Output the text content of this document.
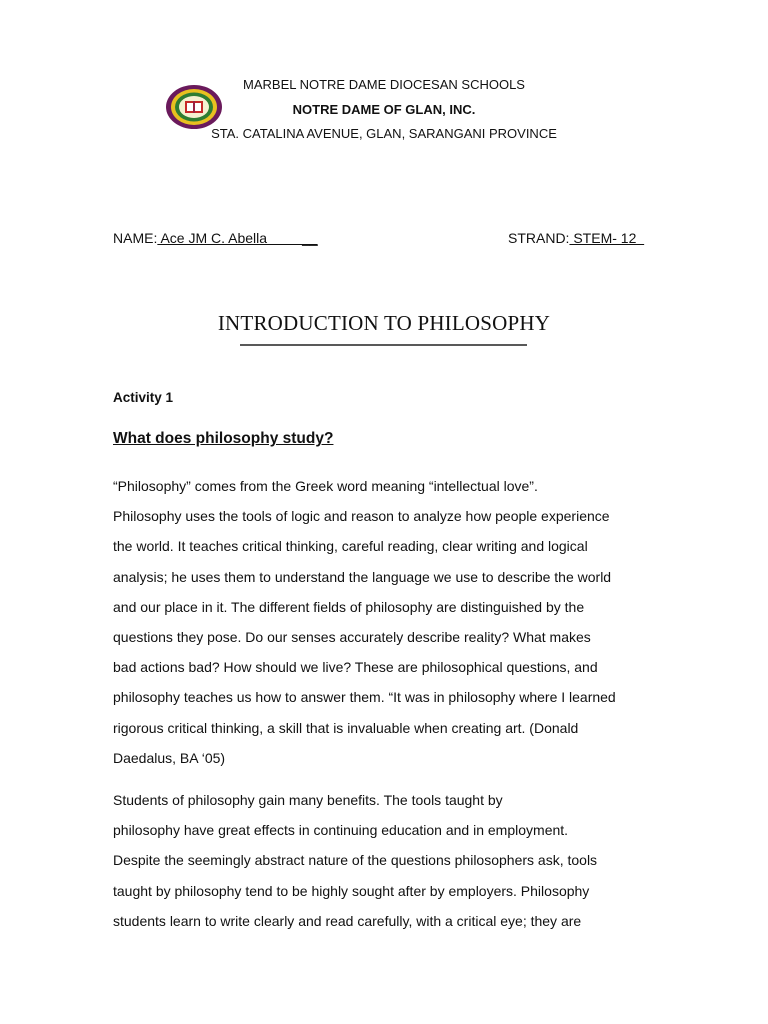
MARBEL NOTRE DAME DIOCESAN SCHOOLS
NOTRE DAME OF GLAN, INC.
STA. CATALINA AVENUE, GLAN, SARANGANI PROVINCE
NAME: Ace JM C. Abella         __	STRAND: STEM- 12
INTRODUCTION TO PHILOSOPHY
Activity 1
What does philosophy study?
“Philosophy” comes from the Greek word meaning “intellectual love”.
Philosophy uses the tools of logic and reason to analyze how people experience
the world. It teaches critical thinking, careful reading, clear writing and logical
analysis; he uses them to understand the language we use to describe the world
and our place in it. The different fields of philosophy are distinguished by the
questions they pose. Do our senses accurately describe reality? What makes
bad actions bad? How should we live? These are philosophical questions, and
philosophy teaches us how to answer them. “It was in philosophy where I learned
rigorous critical thinking, a skill that is invaluable when creating art. (Donald
Daedalus, BA ‘05)
Students of philosophy gain many benefits. The tools taught by
philosophy have great effects in continuing education and in employment.
Despite the seemingly abstract nature of the questions philosophers ask, tools
taught by philosophy tend to be highly sought after by employers. Philosophy
students learn to write clearly and read carefully, with a critical eye; they are
